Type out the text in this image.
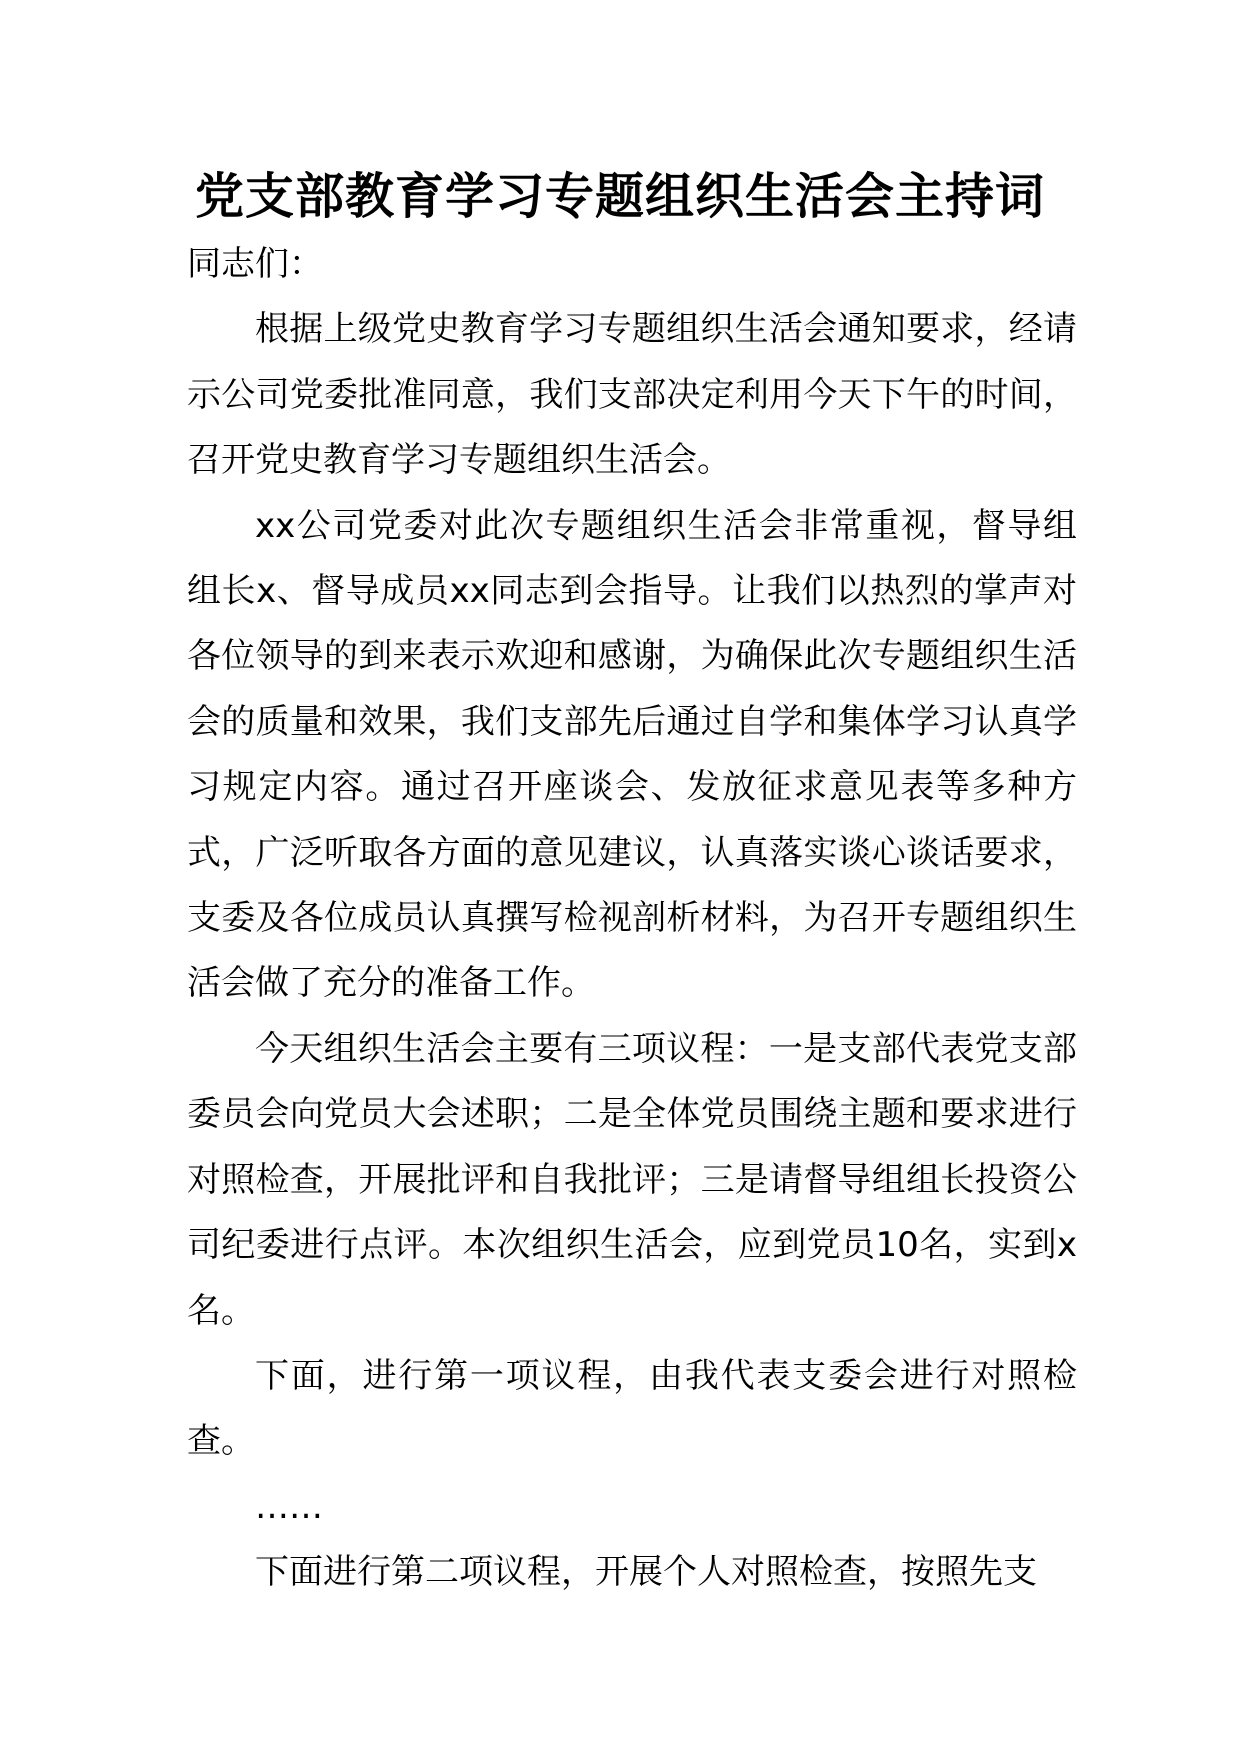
党支部教育学习专题组织生活会主持词

同志们：

根据上级党史教育学习专题组织生活会通知要求，经请示公司党委批准同意，我们支部决定利用今天下午的时间，召开党史教育学习专题组织生活会。

xx公司党委对此次专题组织生活会非常重视，督导组组长x、督导成员xx同志到会指导。让我们以热烈的掌声对各位领导的到来表示欢迎和感谢，为确保此次专题组织生活会的质量和效果，我们支部先后通过自学和集体学习认真学习规定内容。通过召开座谈会、发放征求意见表等多种方式，广泛听取各方面的意见建议，认真落实谈心谈话要求，支委及各位成员认真撰写检视剖析材料，为召开专题组织生活会做了充分的准备工作。

今天组织生活会主要有三项议程：一是支部代表党支部委员会向党员大会述职；二是全体党员围绕主题和要求进行对照检查，开展批评和自我批评；三是请督导组组长投资公司纪委进行点评。本次组织生活会，应到党员10名，实到x名。

下面，进行第一项议程，由我代表支委会进行对照检查。

……

下面进行第二项议程，开展个人对照检查，按照先支
